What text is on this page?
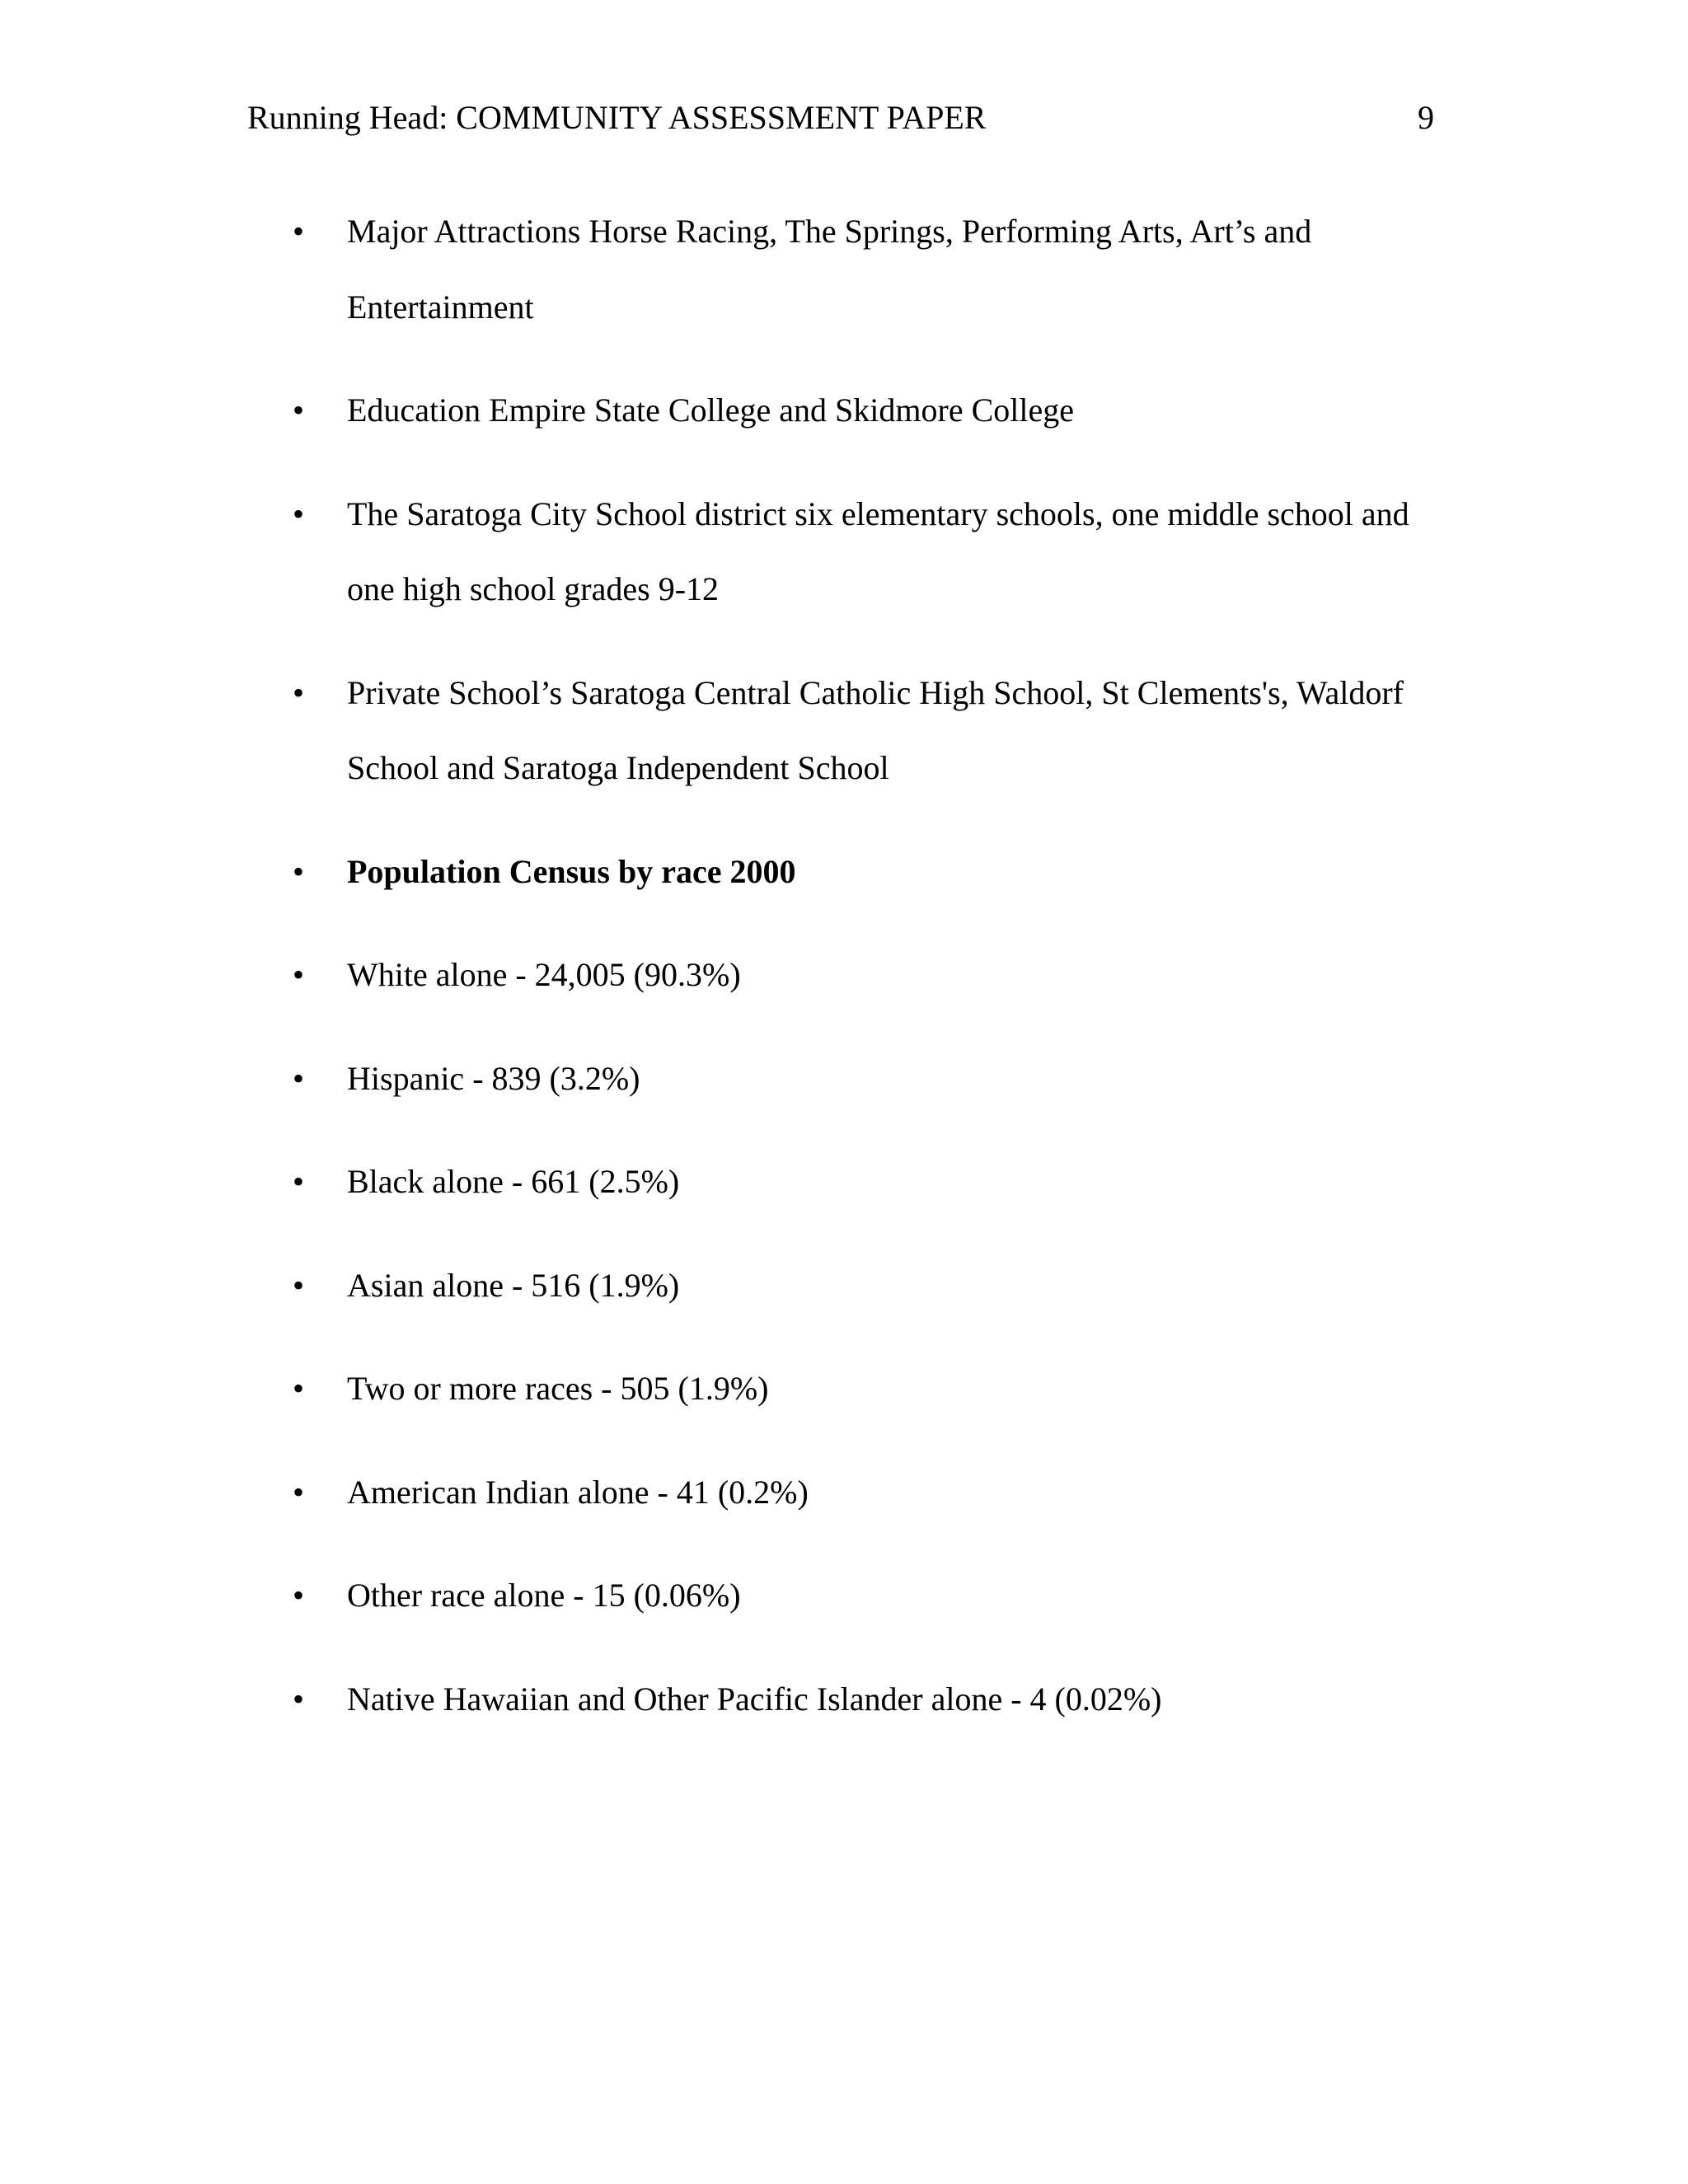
Running Head: COMMUNITY ASSESSMENT PAPER	9
• Major Attractions Horse Racing, The Springs, Performing Arts, Art’s and Entertainment
• Education Empire State College and Skidmore College
• The Saratoga City School district six elementary schools, one middle school and one high school grades 9-12
• Private School’s Saratoga Central Catholic High School, St Clements's, Waldorf School and Saratoga Independent School
• Population Census by race 2000
• White alone - 24,005 (90.3%)
• Hispanic - 839 (3.2%)
• Black alone - 661 (2.5%)
• Asian alone - 516 (1.9%)
• Two or more races - 505 (1.9%)
• American Indian alone - 41 (0.2%)
• Other race alone - 15 (0.06%)
• Native Hawaiian and Other Pacific Islander alone - 4 (0.02%)
